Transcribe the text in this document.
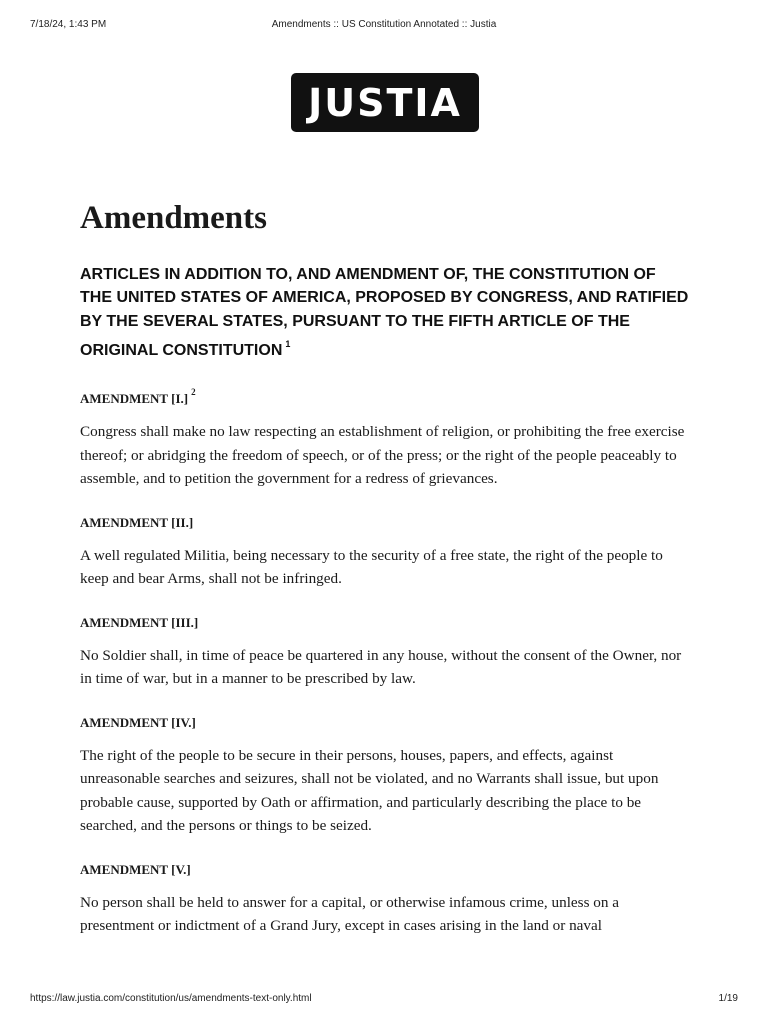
7/18/24, 1:43 PM	Amendments :: US Constitution Annotated :: Justia
JUSTIA
Amendments

ARTICLES IN ADDITION TO, AND AMENDMENT OF, THE CONSTITUTION OF THE UNITED STATES OF AMERICA, PROPOSED BY CONGRESS, AND RATIFIED BY THE SEVERAL STATES, PURSUANT TO THE FIFTH ARTICLE OF THE ORIGINAL CONSTITUTION $^1$

AMENDMENT [I.] $^2$

Congress shall make no law respecting an establishment of religion, or prohibiting the free exercise thereof; or abridging the freedom of speech, or of the press; or the right of the people peaceably to assemble, and to petition the government for a redress of grievances.

AMENDMENT [II.]

A well regulated Militia, being necessary to the security of a free state, the right of the people to keep and bear Arms, shall not be infringed.

AMENDMENT [III.]

No Soldier shall, in time of peace be quartered in any house, without the consent of the Owner, nor in time of war, but in a manner to be prescribed by law.

AMENDMENT [IV.]

The right of the people to be secure in their persons, houses, papers, and effects, against unreasonable searches and seizures, shall not be violated, and no Warrants shall issue, but upon probable cause, supported by Oath or affirmation, and particularly describing the place to be searched, and the persons or things to be seized.

AMENDMENT [V.]

No person shall be held to answer for a capital, or otherwise infamous crime, unless on a presentment or indictment of a Grand Jury, except in cases arising in the land or naval

https://law.justia.com/constitution/us/amendments-text-only.html	1/19
